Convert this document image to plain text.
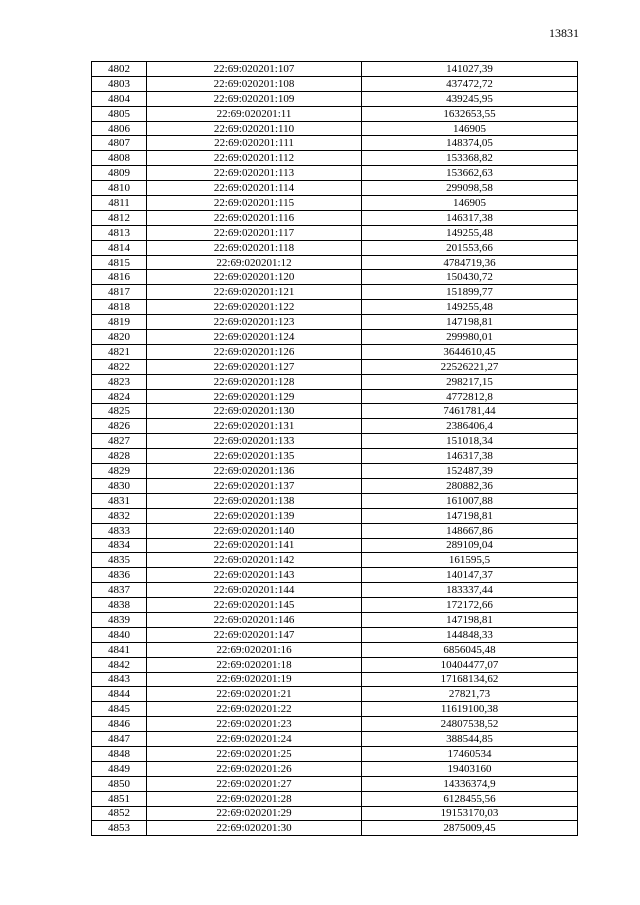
13831
4802	22:69:020201:107	141027,39
4803	22:69:020201:108	437472,72
4804	22:69:020201:109	439245,95
4805	22:69:020201:11	1632653,55
4806	22:69:020201:110	146905
4807	22:69:020201:111	148374,05
4808	22:69:020201:112	153368,82
4809	22:69:020201:113	153662,63
4810	22:69:020201:114	299098,58
4811	22:69:020201:115	146905
4812	22:69:020201:116	146317,38
4813	22:69:020201:117	149255,48
4814	22:69:020201:118	201553,66
4815	22:69:020201:12	4784719,36
4816	22:69:020201:120	150430,72
4817	22:69:020201:121	151899,77
4818	22:69:020201:122	149255,48
4819	22:69:020201:123	147198,81
4820	22:69:020201:124	299980,01
4821	22:69:020201:126	3644610,45
4822	22:69:020201:127	22526221,27
4823	22:69:020201:128	298217,15
4824	22:69:020201:129	4772812,8
4825	22:69:020201:130	7461781,44
4826	22:69:020201:131	2386406,4
4827	22:69:020201:133	151018,34
4828	22:69:020201:135	146317,38
4829	22:69:020201:136	152487,39
4830	22:69:020201:137	280882,36
4831	22:69:020201:138	161007,88
4832	22:69:020201:139	147198,81
4833	22:69:020201:140	148667,86
4834	22:69:020201:141	289109,04
4835	22:69:020201:142	161595,5
4836	22:69:020201:143	140147,37
4837	22:69:020201:144	183337,44
4838	22:69:020201:145	172172,66
4839	22:69:020201:146	147198,81
4840	22:69:020201:147	144848,33
4841	22:69:020201:16	6856045,48
4842	22:69:020201:18	10404477,07
4843	22:69:020201:19	17168134,62
4844	22:69:020201:21	27821,73
4845	22:69:020201:22	11619100,38
4846	22:69:020201:23	24807538,52
4847	22:69:020201:24	388544,85
4848	22:69:020201:25	17460534
4849	22:69:020201:26	19403160
4850	22:69:020201:27	14336374,9
4851	22:69:020201:28	6128455,56
4852	22:69:020201:29	19153170,03
4853	22:69:020201:30	2875009,45
